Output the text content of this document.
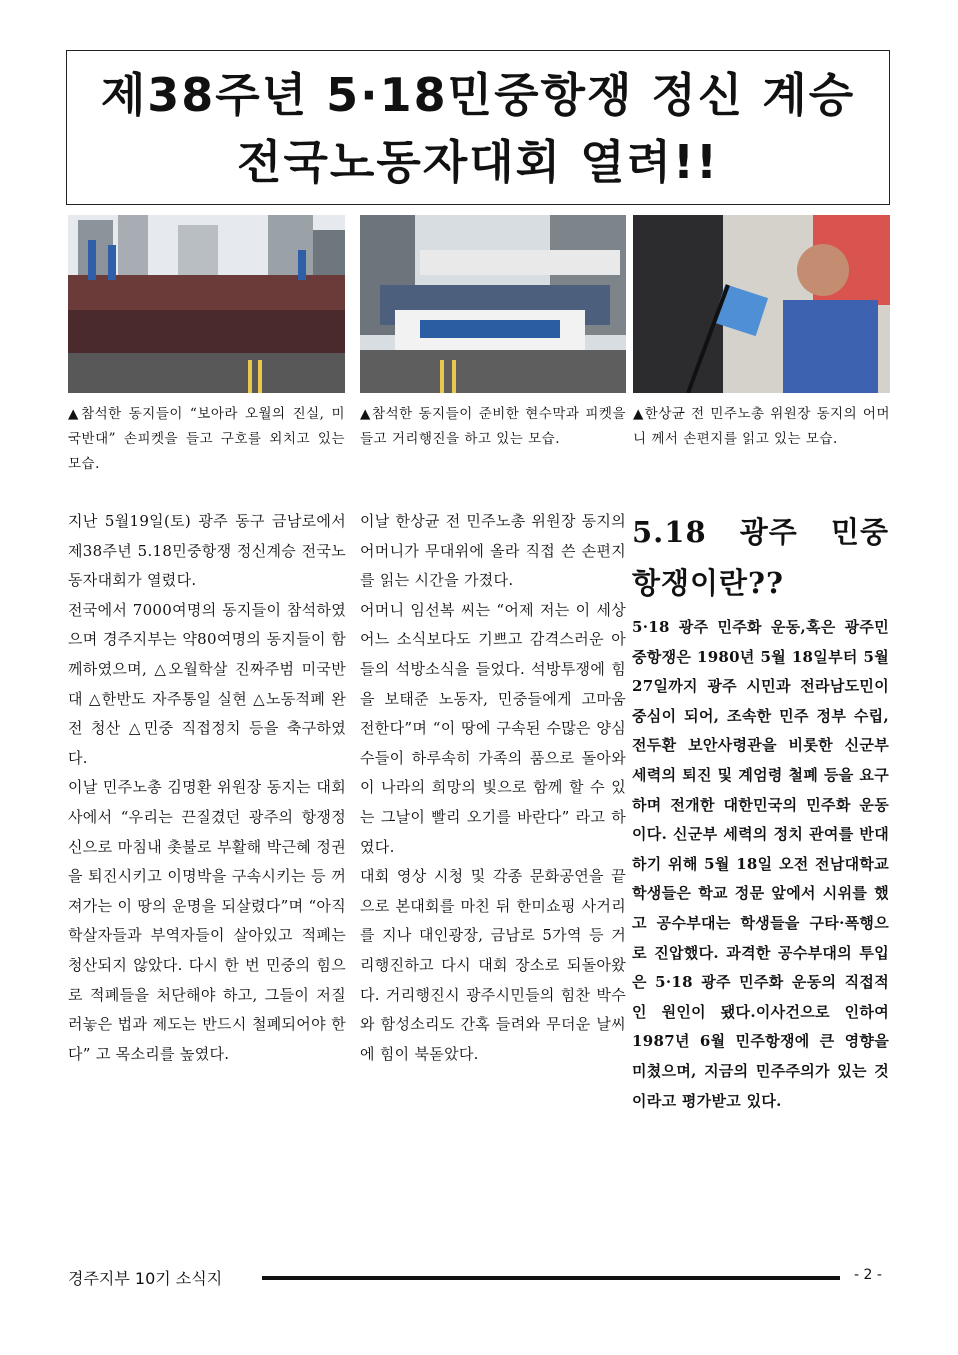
제38주년 5·18민중항쟁 정신 계승
전국노동자대회 열려!!
▲참석한 동지들이 “보아라 오월의 진실, 미국반대” 손피켓을 들고 구호를 외치고 있는 모습.
▲참석한 동지들이 준비한 현수막과 피켓을 들고 거리행진을 하고 있는 모습.
▲한상균 전 민주노총 위원장 동지의 어머니 께서 손편지를 읽고 있는 모습.

지난 5월19일(토) 광주 동구 금남로에서 제38주년 5.18민중항쟁 정신계승 전국노동자대회가 열렸다.

전국에서 7000여명의 동지들이 참석하였으며 경주지부는 약80여명의 동지들이 함께하였으며, △오월학살 진짜주범 미국반대 △한반도 자주통일 실현 △노동적폐 완전 청산 △민중 직접정치 등을 축구하였다.

이날 민주노총 김명환 위원장 동지는 대회사에서 “우리는 끈질겼던 광주의 항쟁정신으로 마침내 촛불로 부활해 박근혜 정권을 퇴진시키고 이명박을 구속시키는 등 꺼져가는 이 땅의 운명을 되살렸다”며 “아직 학살자들과 부역자들이 살아있고 적폐는 청산되지 않았다. 다시 한 번 민중의 힘으로 적폐들을 처단해야 하고, 그들이 저질러놓은 법과 제도는 반드시 철폐되어야 한다” 고 목소리를 높였다.

이날 한상균 전 민주노총 위원장 동지의 어머니가 무대위에 올라 직접 쓴 손편지를 읽는 시간을 가졌다.

어머니 임선복 씨는 “어제 저는 이 세상 어느 소식보다도 기쁘고 감격스러운 아들의 석방소식을 들었다. 석방투쟁에 힘을 보태준 노동자, 민중들에게 고마움 전한다”며 “이 땅에 구속된 수많은 양심수들이 하루속히 가족의 품으로 돌아와 이 나라의 희망의 빛으로 함께 할 수 있는 그날이 빨리 오기를 바란다” 라고 하였다.

대회 영상 시청 및 각종 문화공연을 끝으로 본대회를 마친 뒤 한미쇼핑 사거리를 지나 대인광장, 금남로 5가역 등 거리행진하고 다시 대회 장소로 되돌아왔다. 거리행진시 광주시민들의 힘찬 박수와 함성소리도 간혹 들려와 무더운 날씨에 힘이 북돋았다.

5.18 광주 민중
항쟁이란??

5·18 광주 민주화 운동,혹은 광주민중항쟁은 1980년 5월 18일부터 5월 27일까지 광주 시민과 전라남도민이 중심이 되어, 조속한 민주 정부 수립, 전두환 보안사령관을 비롯한 신군부 세력의 퇴진 및 계엄령 철폐 등을 요구하며 전개한 대한민국의 민주화 운동이다. 신군부 세력의 정치 관여를 반대하기 위해 5월 18일 오전 전남대학교 학생들은 학교 정문 앞에서 시위를 했고 공수부대는 학생들을 구타·폭행으로 진압했다. 과격한 공수부대의 투입은 5·18 광주 민주화 운동의 직접적인 원인이 됐다.이사건으로 인하여 1987년 6월 민주항쟁에 큰 영향을 미쳤으며, 지금의 민주주의가 있는 것이라고 평가받고 있다.

경주지부 10기 소식지	- 2 -
